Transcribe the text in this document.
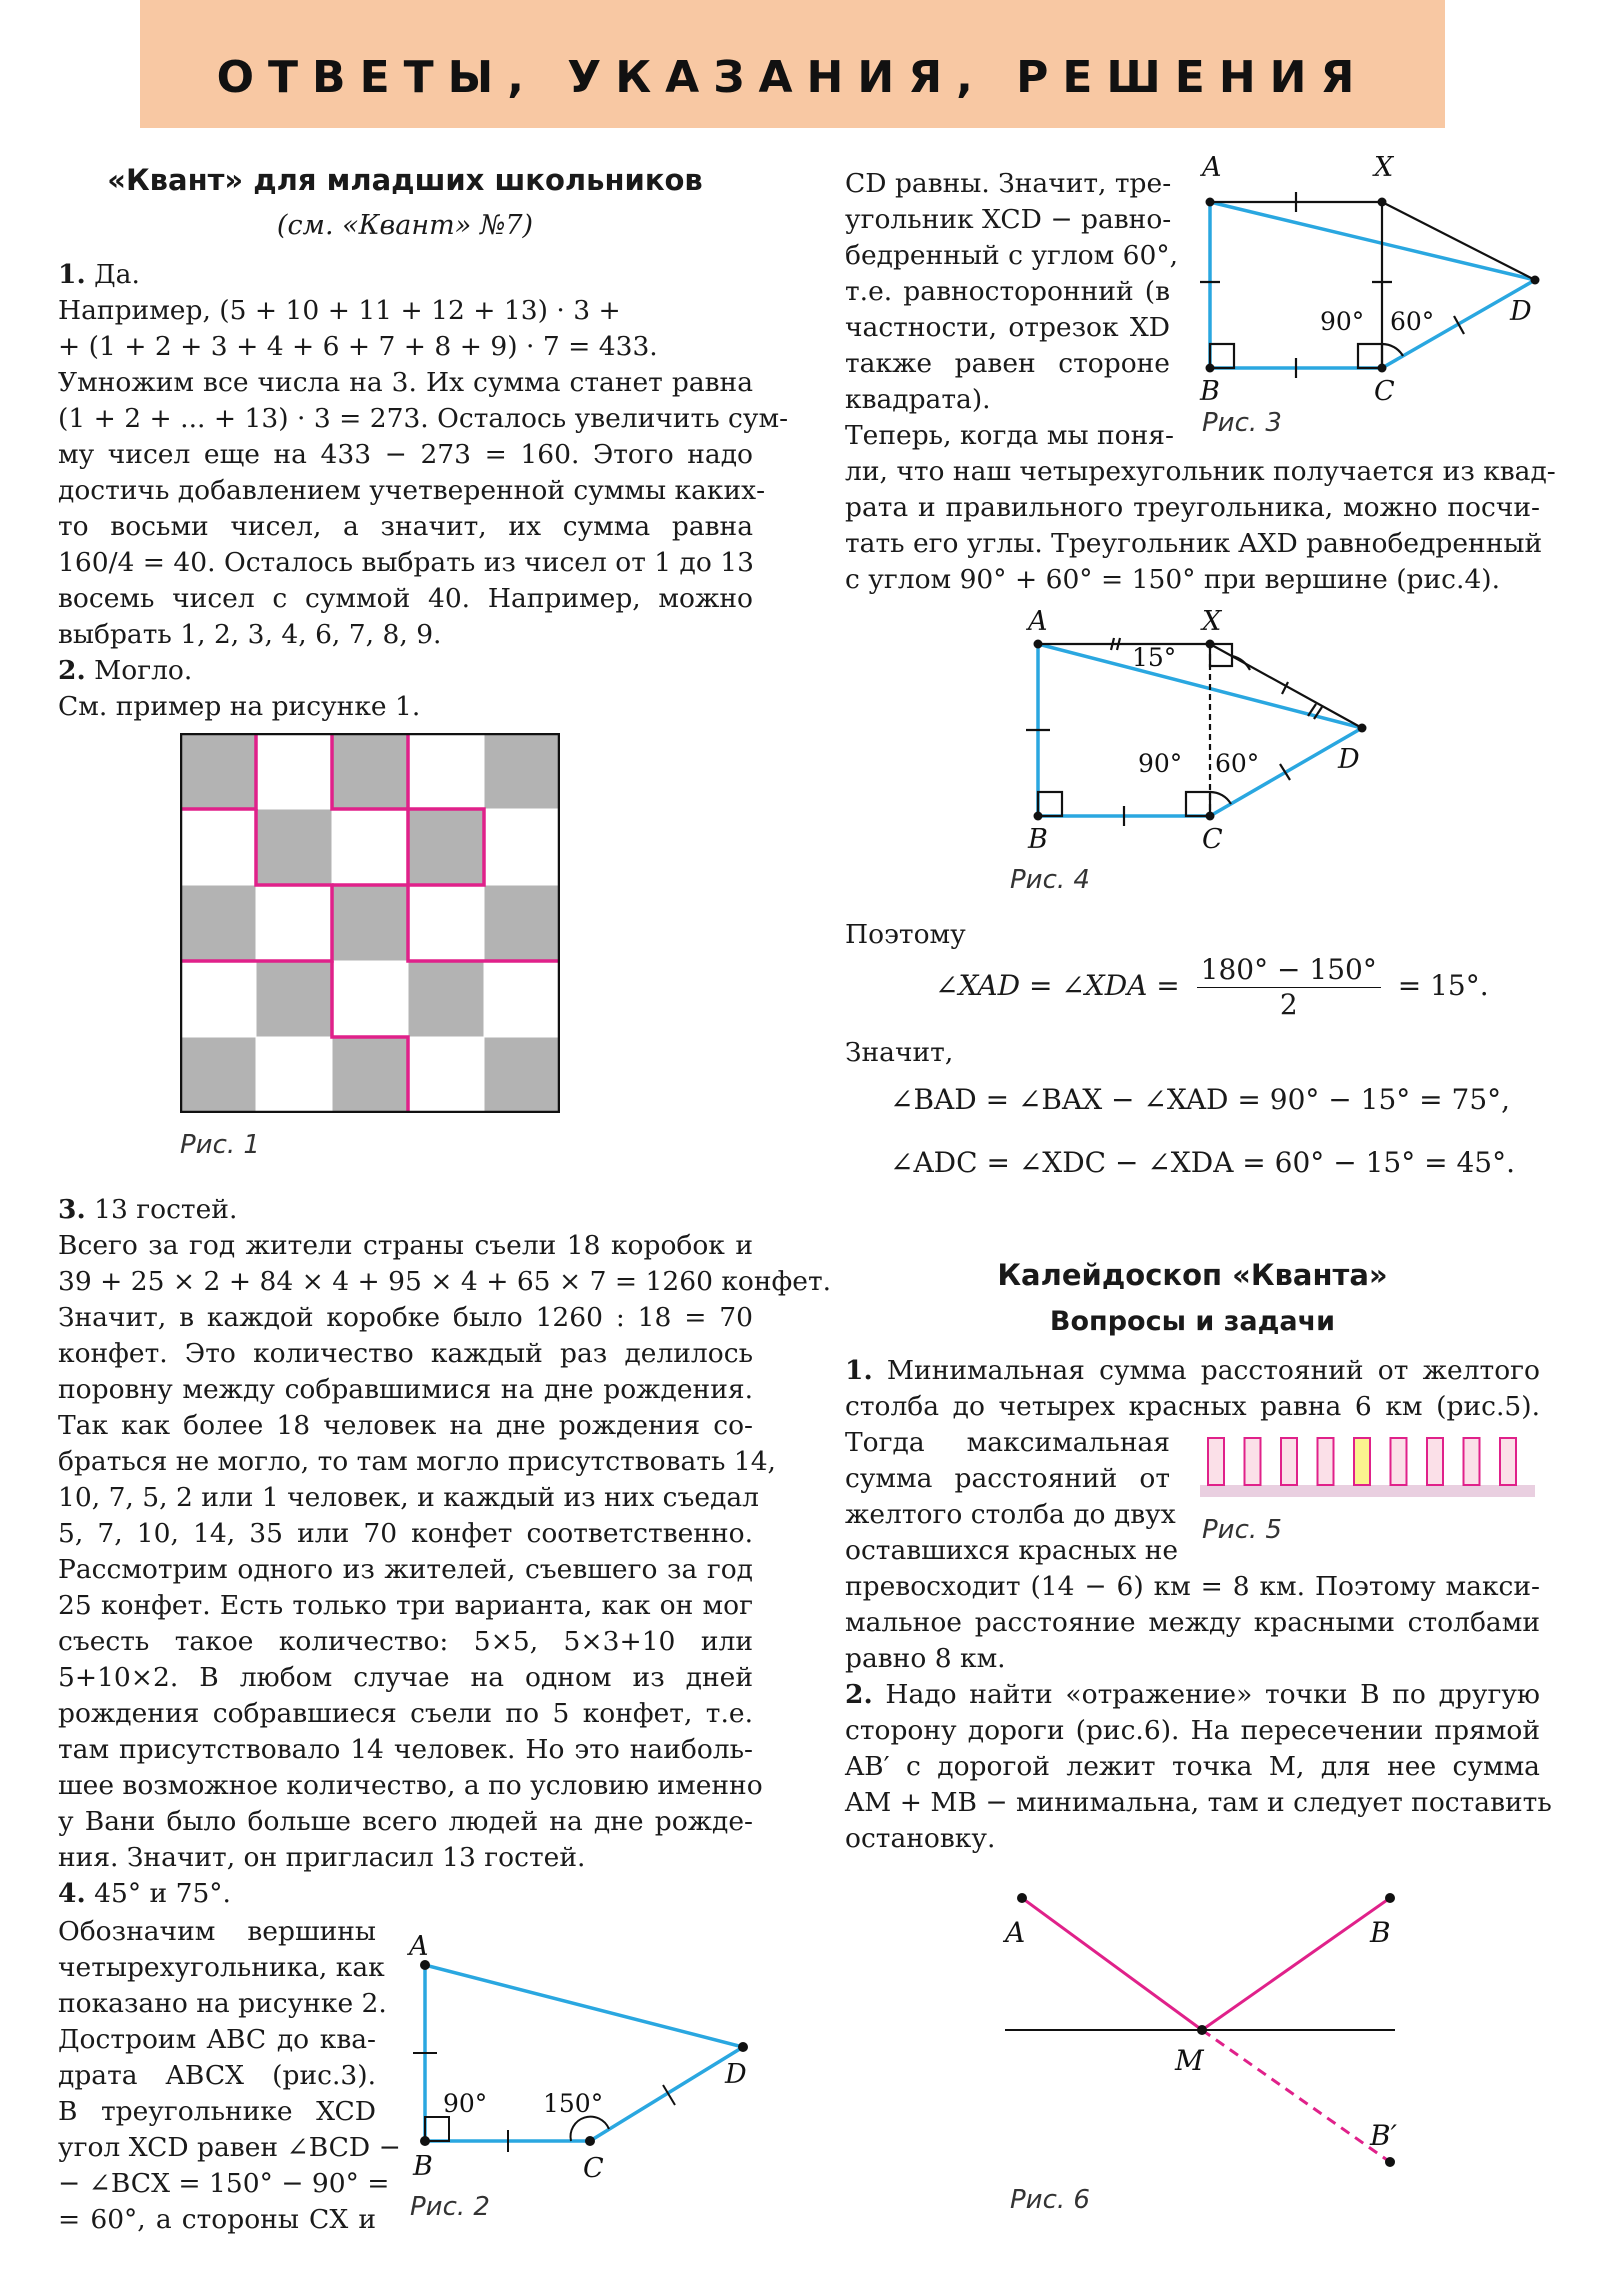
ОТВЕТЫ, УКАЗАНИЯ, РЕШЕНИЯ
«Квант» для младших школьников
(см. «Квант» №7)
1. Да.
Например, (5 + 10 + 11 + 12 + 13) · 3 +
+ (1 + 2 + 3 + 4 + 6 + 7 + 8 + 9) · 7 = 433.
Умножим все числа на 3. Их сумма станет равна
(1 + 2 + ... + 13) · 3 = 273. Осталось увеличить сум-
му чисел еще на 433 − 273 = 160. Этого надо
достичь добавлением учетверенной суммы каких-
то восьми чисел, а значит, их сумма равна
160/4 = 40. Осталось выбрать из чисел от 1 до 13
восемь чисел с суммой 40. Например, можно
выбрать 1, 2, 3, 4, 6, 7, 8, 9.
2. Могло.
См. пример на рисунке 1.
Рис. 1
3. 13 гостей.
Всего за год жители страны съели 18 коробок и
39 + 25 × 2 + 84 × 4 + 95 × 4 + 65 × 7 = 1260 конфет.
Значит, в каждой коробке было 1260 : 18 = 70
конфет. Это количество каждый раз делилось
поровну между собравшимися на дне рождения.
Так как более 18 человек на дне рождения со-
браться не могло, то там могло присутствовать 14,
10, 7, 5, 2 или 1 человек, и каждый из них съедал
5, 7, 10, 14, 35 или 70 конфет соответственно.
Рассмотрим одного из жителей, съевшего за год
25 конфет. Есть только три варианта, как он мог
съесть такое количество: 5×5, 5×3+10 или
5+10×2. В любом случае на одном из дней
рождения собравшиеся съели по 5 конфет, т.е.
там присутствовало 14 человек. Но это наиболь-
шее возможное количество, а по условию именно
у Вани было больше всего людей на дне рожде-
ния. Значит, он пригласил 13 гостей.
4. 45° и 75°.
Обозначим вершины
четырехугольника, как
показано на рисунке 2.
Дострoим ABC до ква-
драта ABCX (рис.3).
В треугольнике XCD
угол XCD равен ∠BCD −
− ∠BCX = 150° − 90° =
= 60°, а стороны CX и
A
B	C
D
90° 150°
Рис. 2
CD равны. Значит, тре-
угольник XCD − равно-
бедренный с углом 60°,
т.е. равносторонний (в
частности, отрезок XD
также равен стороне
квадрата).
Теперь, когда мы поня-
A	X
B	C
D
90° 60°
Рис. 3
ли, что наш четырехугольник получается из квад-
рата и правильного треугольника, можно посчи-
тать его углы. Треугольник AXD равнобедренный
с углом 90° + 60° = 150° при вершине (рис.4).
A	X
B	C
D
15°
90° 60°
Рис. 4
Поэтому
∠XAD = ∠XDA = $\frac{180^\circ - 150^\circ}{2} = 15^\circ$.
Значит,
∠BAD = ∠BAX − ∠XAD = 90° − 15° = 75°,
∠ADC = ∠XDC − ∠XDA = 60° − 15° = 45°.
Калейдоскоп «Кванта»
Вопросы и задачи
1. Минимальная сумма расстояний от желтого
столба до четырех красных равна 6 км (рис.5).
Тогда максимальная
сумма расстояний от
желтого столба до двух
оставшихся красных не
Рис. 5
превосходит (14 − 6) км = 8 км. Поэтому макси-
мальное расстояние между красными столбами
равно 8 км.
2. Надо найти «отражение» точки B по другую
сторону дороги (рис.6). На пересечении прямой
AB′ с дорогой лежит точка M, для нее сумма
AM + MB − минимальна, там и следует поставить
остановку.
A	B
M
B′
Рис. 6
